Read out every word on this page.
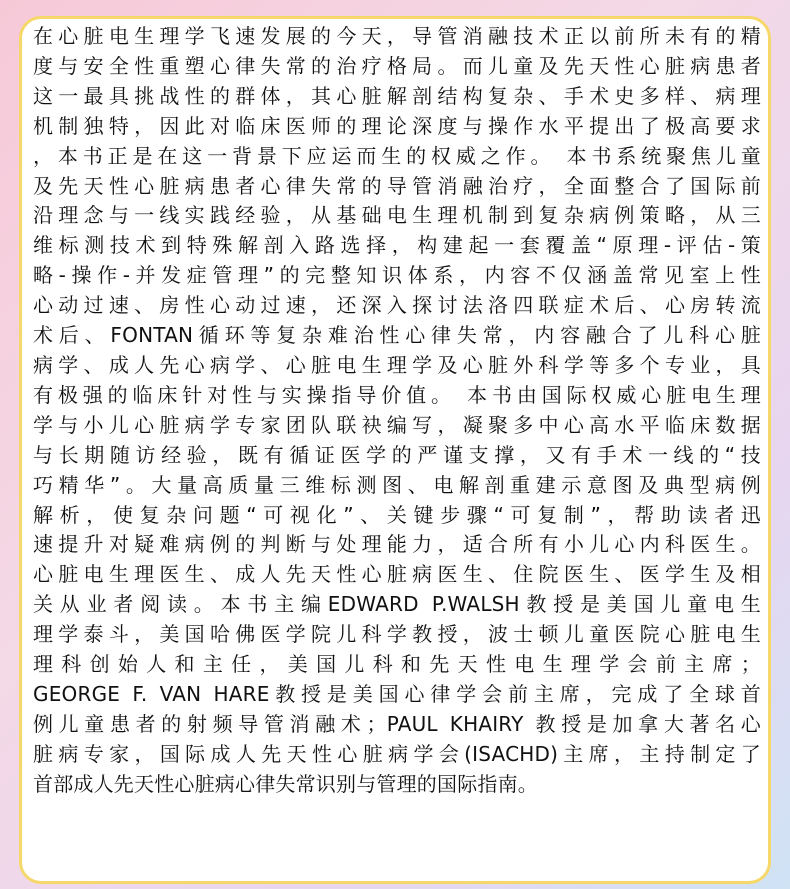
在心脏电生理学飞速发展的今天，导管消融技术正以前所未有的精
度与安全性重塑心律失常的治疗格局。而儿童及先天性心脏病患者
这一最具挑战性的群体，其心脏解剖结构复杂、手术史多样、病理
机制独特，因此对临床医师的理论深度与操作水平提出了极高要求
，本书正是在这一背景下应运而生的权威之作。 本书系统聚焦儿童
及先天性心脏病患者心律失常的导管消融治疗，全面整合了国际前
沿理念与一线实践经验，从基础电生理机制到复杂病例策略，从三
维标测技术到特殊解剖入路选择，构建起一套覆盖“原理-评估-策
略-操作-并发症管理”的完整知识体系，内容不仅涵盖常见室上性
心动过速、房性心动过速，还深入探讨法洛四联症术后、心房转流
术后、FONTAN循环等复杂难治性心律失常，内容融合了儿科心脏
病学、成人先心病学、心脏电生理学及心脏外科学等多个专业，具
有极强的临床针对性与实操指导价值。 本书由国际权威心脏电生理
学与小儿心脏病学专家团队联袂编写，凝聚多中心高水平临床数据
与长期随访经验，既有循证医学的严谨支撑，又有手术一线的“技
巧精华”。大量高质量三维标测图、电解剖重建示意图及典型病例
解析，使复杂问题“可视化”、关键步骤“可复制”，帮助读者迅
速提升对疑难病例的判断与处理能力，适合所有小儿心内科医生。
心脏电生理医生、成人先天性心脏病医生、住院医生、医学生及相
关从业者阅读。本书主编EDWARD P.WALSH教授是美国儿童电生
理学泰斗，美国哈佛医学院儿科学教授，波士顿儿童医院心脏电生
理科创始人和主任，美国儿科和先天性电生理学会前主席；
GEORGE F. VAN HARE教授是美国心律学会前主席，完成了全球首
例儿童患者的射频导管消融术；PAUL KHAIRY 教授是加拿大著名心
脏病专家，国际成人先天性心脏病学会(ISACHD)主席，主持制定了
首部成人先天性心脏病心律失常识别与管理的国际指南。
